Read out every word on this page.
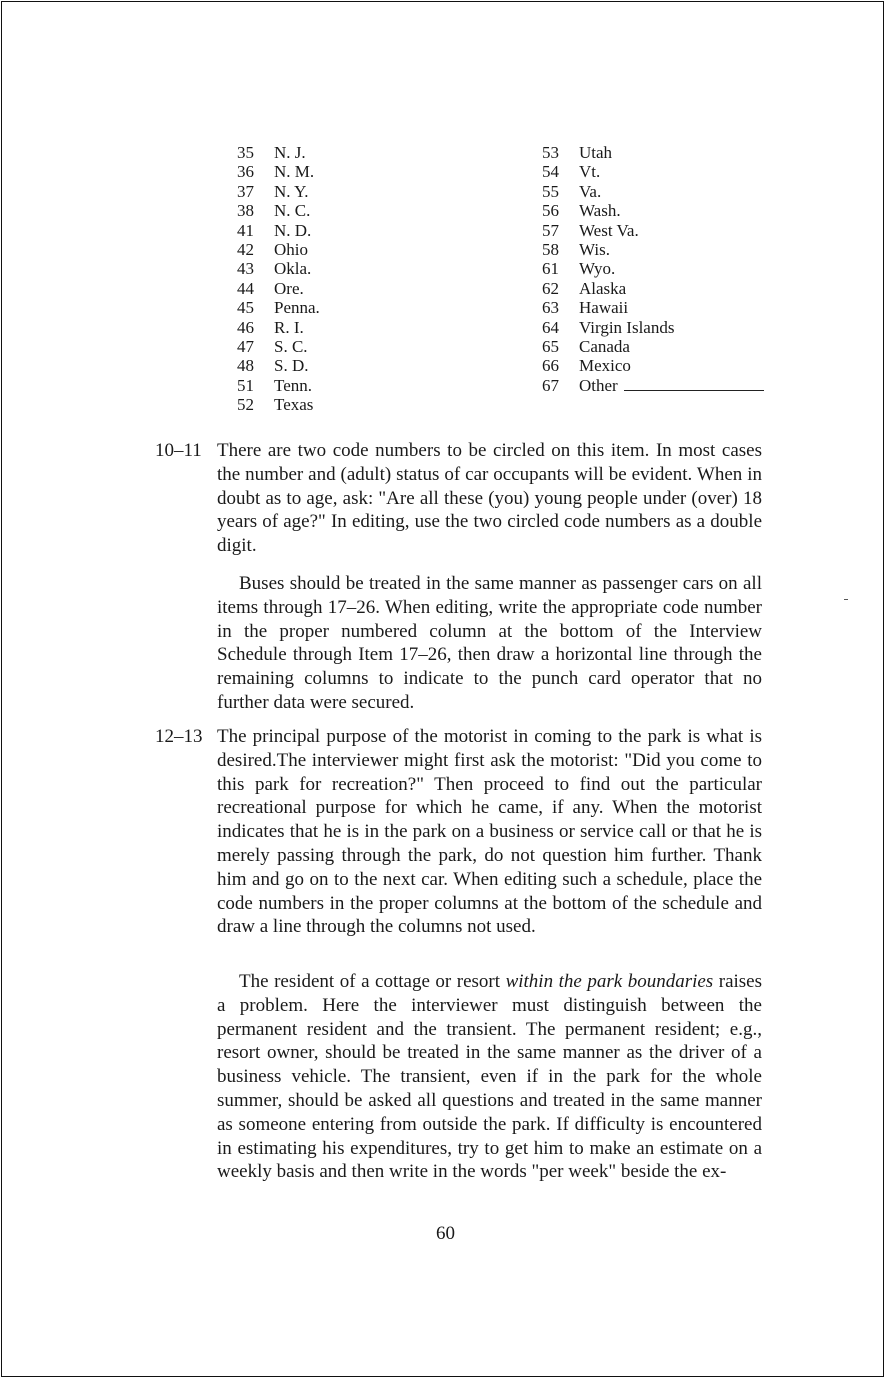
35	N. J.
36	N. M.
37	N. Y.
38	N. C.
41	N. D.
42	Ohio
43	Okla.
44	Ore.
45	Penna.
46	R. I.
47	S. C.
48	S. D.
51	Tenn.
52	Texas
53	Utah
54	Vt.
55	Va.
56	Wash.
57	West Va.
58	Wis.
61	Wyo.
62	Alaska
63	Hawaii
64	Virgin Islands
65	Canada
66	Mexico
67	Other
10–11 There are two code numbers to be circled on this item. In most cases the number and (adult) status of car occupants will be evident. When in doubt as to age, ask: "Are all these (you) young people under (over) 18 years of age?" In editing, use the two circled code numbers as a double digit.
Buses should be treated in the same manner as passenger cars on all items through 17–26. When editing, write the appropriate code number in the proper numbered column at the bottom of the Interview Schedule through Item 17–26, then draw a horizontal line through the remaining columns to indicate to the punch card operator that no further data were secured.
12–13 The principal purpose of the motorist in coming to the park is what is desired.The interviewer might first ask the motorist: "Did you come to this park for recreation?" Then proceed to find out the particular recreational purpose for which he came, if any. When the motorist indicates that he is in the park on a business or service call or that he is merely passing through the park, do not question him further. Thank him and go on to the next car. When editing such a schedule, place the code numbers in the proper columns at the bottom of the schedule and draw a line through the columns not used.
The resident of a cottage or resort within the park boundaries raises a problem. Here the interviewer must distinguish between the permanent resident and the transient. The permanent resident; e.g., resort owner, should be treated in the same manner as the driver of a business vehicle. The transient, even if in the park for the whole summer, should be asked all questions and treated in the same manner as someone entering from outside the park. If difficulty is encountered in estimating his expenditures, try to get him to make an estimate on a weekly basis and then write in the words "per week" beside the ex-
60
